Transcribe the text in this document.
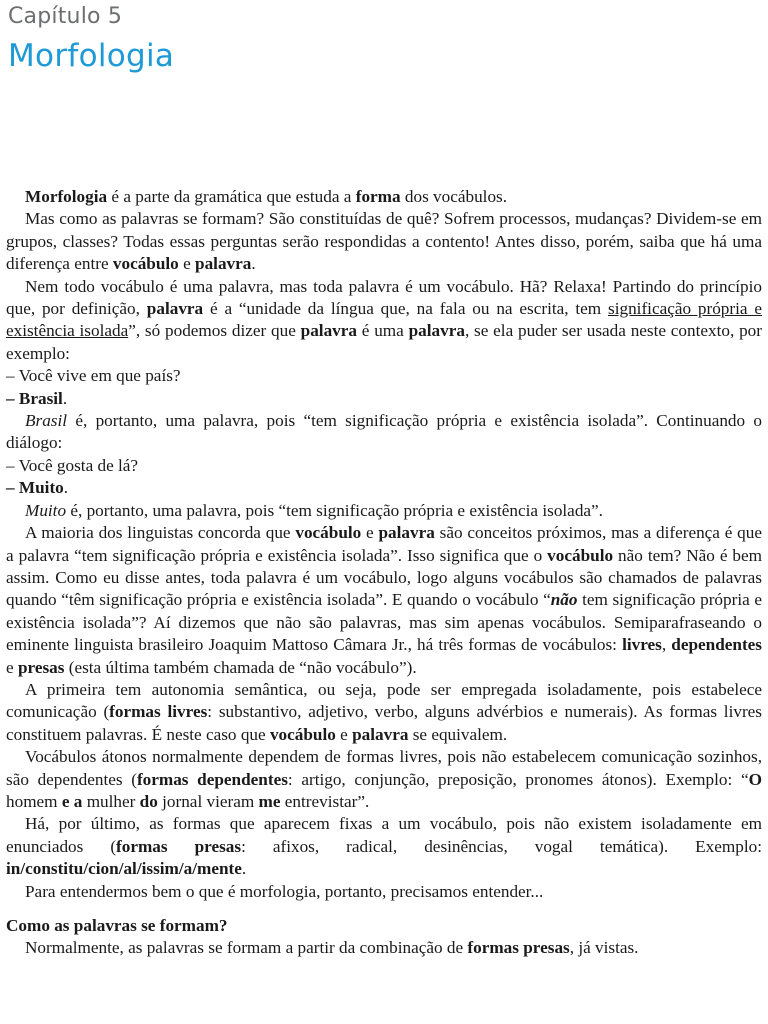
Capítulo 5
Morfologia

Morfologia é a parte da gramática que estuda a forma dos vocábulos.

Mas como as palavras se formam? São constituídas de quê? Sofrem processos, mudanças? Dividem-se em grupos, classes? Todas essas perguntas serão respondidas a contento! Antes disso, porém, saiba que há uma diferença entre vocábulo e palavra.

Nem todo vocábulo é uma palavra, mas toda palavra é um vocábulo. Hã? Relaxa! Partindo do princípio que, por definição, palavra é a “unidade da língua que, na fala ou na escrita, tem significação própria e existência isolada”, só podemos dizer que palavra é uma palavra, se ela puder ser usada neste contexto, por exemplo:

– Você vive em que país?

– Brasil.

Brasil é, portanto, uma palavra, pois “tem significação própria e existência isolada”. Continuando o diálogo:

– Você gosta de lá?

– Muito.

Muito é, portanto, uma palavra, pois “tem significação própria e existência isolada”.

A maioria dos linguistas concorda que vocábulo e palavra são conceitos próximos, mas a diferença é que a palavra “tem significação própria e existência isolada”. Isso significa que o vocábulo não tem? Não é bem assim. Como eu disse antes, toda palavra é um vocábulo, logo alguns vocábulos são chamados de palavras quando “têm significação própria e existência isolada”. E quando o vocábulo “não tem significação própria e existência isolada”? Aí dizemos que não são palavras, mas sim apenas vocábulos. Semiparafraseando o eminente linguista brasileiro Joaquim Mattoso Câmara Jr., há três formas de vocábulos: livres, dependentes e presas (esta última também chamada de “não vocábulo”).

A primeira tem autonomia semântica, ou seja, pode ser empregada isoladamente, pois estabelece comunicação (formas livres: substantivo, adjetivo, verbo, alguns advérbios e numerais). As formas livres constituem palavras. É neste caso que vocábulo e palavra se equivalem.

Vocábulos átonos normalmente dependem de formas livres, pois não estabelecem comunicação sozinhos, são dependentes (formas dependentes: artigo, conjunção, preposição, pronomes átonos). Exemplo: “O homem e a mulher do jornal vieram me entrevistar”.

Há, por último, as formas que aparecem fixas a um vocábulo, pois não existem isoladamente em enunciados (formas presas: afixos, radical, desinências, vogal temática). Exemplo: in/constitu/cion/al/issim/a/mente.

Para entendermos bem o que é morfologia, portanto, precisamos entender...

Como as palavras se formam?

Normalmente, as palavras se formam a partir da combinação de formas presas, já vistas.
